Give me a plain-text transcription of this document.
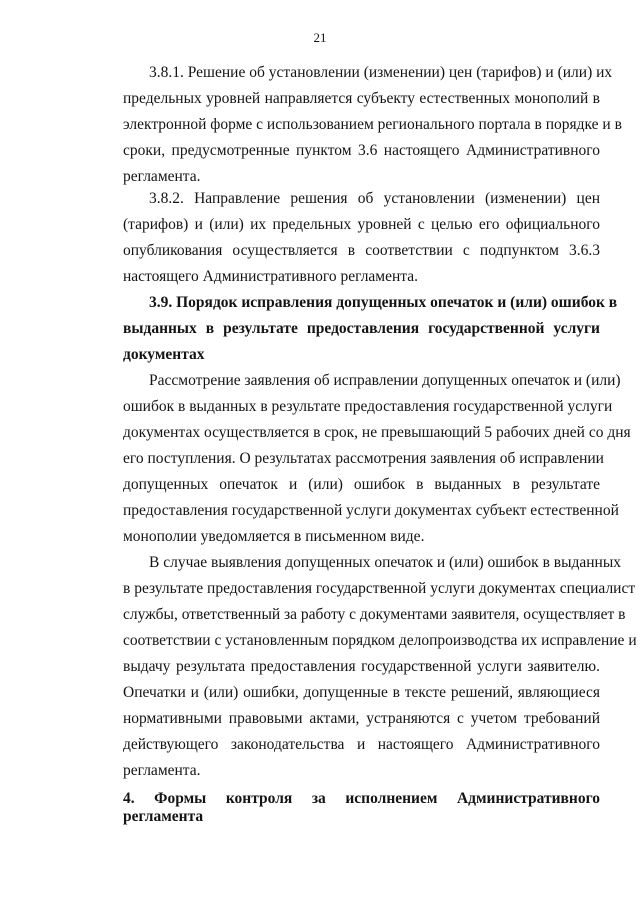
21
3.8.1. Решение об установлении (изменении) цен (тарифов) и (или) их
предельных уровней направляется субъекту естественных монополий в
электронной форме с использованием регионального портала в порядке и в
сроки, предусмотренные пунктом 3.6 настоящего Административного
регламента.
3.8.2. Направление решения об установлении (изменении) цен
(тарифов) и (или) их предельных уровней с целью его официального
опубликования осуществляется в соответствии с подпунктом 3.6.3
настоящего Административного регламента.
3.9. Порядок исправления допущенных опечаток и (или) ошибок в
выданных в результате предоставления государственной услуги
документах
Рассмотрение заявления об исправлении допущенных опечаток и (или)
ошибок в выданных в результате предоставления государственной услуги
документах осуществляется в срок, не превышающий 5 рабочих дней со дня
его поступления. О результатах рассмотрения заявления об исправлении
допущенных опечаток и (или) ошибок в выданных в результате
предоставления государственной услуги документах субъект естественной
монополии уведомляется в письменном виде.
В случае выявления допущенных опечаток и (или) ошибок в выданных
в результате предоставления государственной услуги документах специалист
службы, ответственный за работу с документами заявителя, осуществляет в
соответствии с установленным порядком делопроизводства их исправление и
выдачу результата предоставления государственной услуги заявителю.
Опечатки и (или) ошибки, допущенные в тексте решений, являющиеся
нормативными правовыми актами, устраняются с учетом требований
действующего законодательства и настоящего Административного
регламента.
4. Формы контроля за исполнением Административного
регламента
